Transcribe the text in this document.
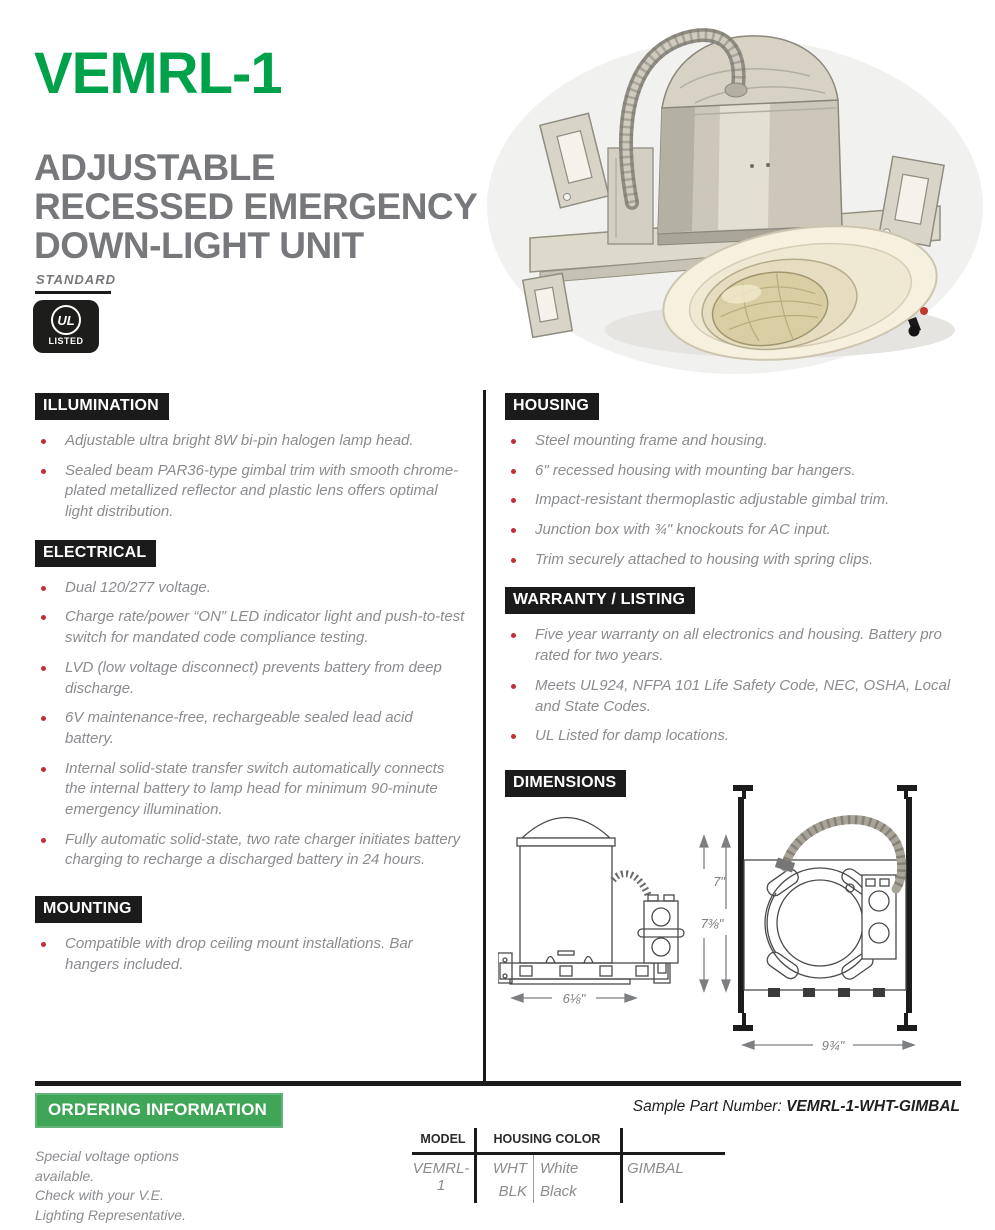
VEMRL-1
ADJUSTABLE
RECESSED EMERGENCY
DOWN-LIGHT UNIT
STANDARD
UL
LISTED
ILLUMINATION
Adjustable ultra bright 8W bi-pin halogen lamp head.
Sealed beam PAR36-type gimbal trim with smooth chrome-plated metallized reflector and plastic lens offers optimal light distribution.
ELECTRICAL
Dual 120/277 voltage.
Charge rate/power “ON” LED indicator light and push-to-test switch for mandated code compliance testing.
LVD (low voltage disconnect) prevents battery from deep discharge.
6V maintenance-free, rechargeable sealed lead acid battery.
Internal solid-state transfer switch automatically connects the internal battery to lamp head for minimum 90-minute emergency illumination.
Fully automatic solid-state, two rate charger initiates battery charging to recharge a discharged battery in 24 hours.
MOUNTING
Compatible with drop ceiling mount installations. Bar hangers included.
HOUSING
Steel mounting frame and housing.
6" recessed housing with mounting bar hangers.
Impact-resistant thermoplastic adjustable gimbal trim.
Junction box with ¾" knockouts for AC input.
Trim securely attached to housing with spring clips.
WARRANTY / LISTING
Five year warranty on all electronics and housing. Battery pro rated for two years.
Meets UL924, NFPA 101 Life Safety Code, NEC, OSHA, Local and State Codes.
UL Listed for damp locations.
DIMENSIONS
6⅛"
7"
7⅜"
9¾"
ORDERING INFORMATION	Sample Part Number: VEMRL-1-WHT-GIMBAL
Special voltage options
available.
Check with your V.E.
Lighting Representative.
MODEL	HOUSING COLOR
VEMRL-1
WHT White
BLK Black
GIMBAL
